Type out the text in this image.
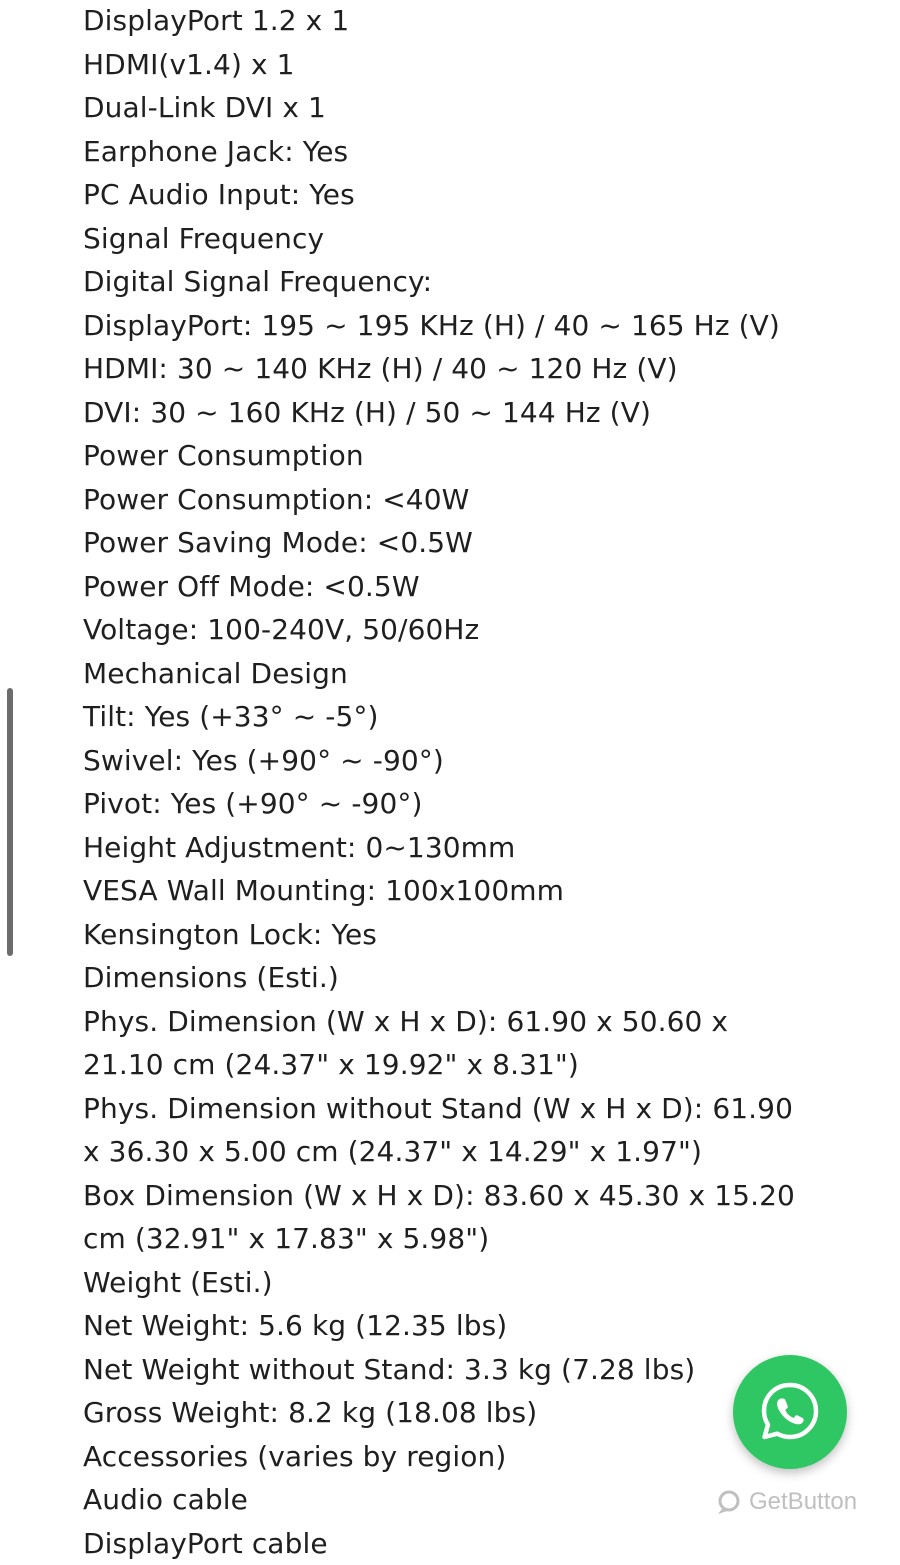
DisplayPort 1.2 x 1
HDMI(v1.4) x 1
Dual-Link DVI x 1
Earphone Jack: Yes
PC Audio Input: Yes
Signal Frequency
Digital Signal Frequency:
DisplayPort: 195 ~ 195 KHz (H) / 40 ~ 165 Hz (V)
HDMI: 30 ~ 140 KHz (H) / 40 ~ 120 Hz (V)
DVI: 30 ~ 160 KHz (H) / 50 ~ 144 Hz (V)
Power Consumption
Power Consumption: <40W
Power Saving Mode: <0.5W
Power Off Mode: <0.5W
Voltage: 100-240V, 50/60Hz
Mechanical Design
Tilt: Yes (+33° ~ -5°)
Swivel: Yes (+90° ~ -90°)
Pivot: Yes (+90° ~ -90°)
Height Adjustment: 0~130mm
VESA Wall Mounting: 100x100mm
Kensington Lock: Yes
Dimensions (Esti.)
Phys. Dimension (W x H x D): 61.90 x 50.60 x
21.10 cm (24.37" x 19.92" x 8.31")
Phys. Dimension without Stand (W x H x D): 61.90
x 36.30 x 5.00 cm (24.37" x 14.29" x 1.97")
Box Dimension (W x H x D): 83.60 x 45.30 x 15.20
cm (32.91" x 17.83" x 5.98")
Weight (Esti.)
Net Weight: 5.6 kg (12.35 lbs)
Net Weight without Stand: 3.3 kg (7.28 lbs)
Gross Weight: 8.2 kg (18.08 lbs)
Accessories (varies by region)
Audio cable
DisplayPort cable
GetButton
